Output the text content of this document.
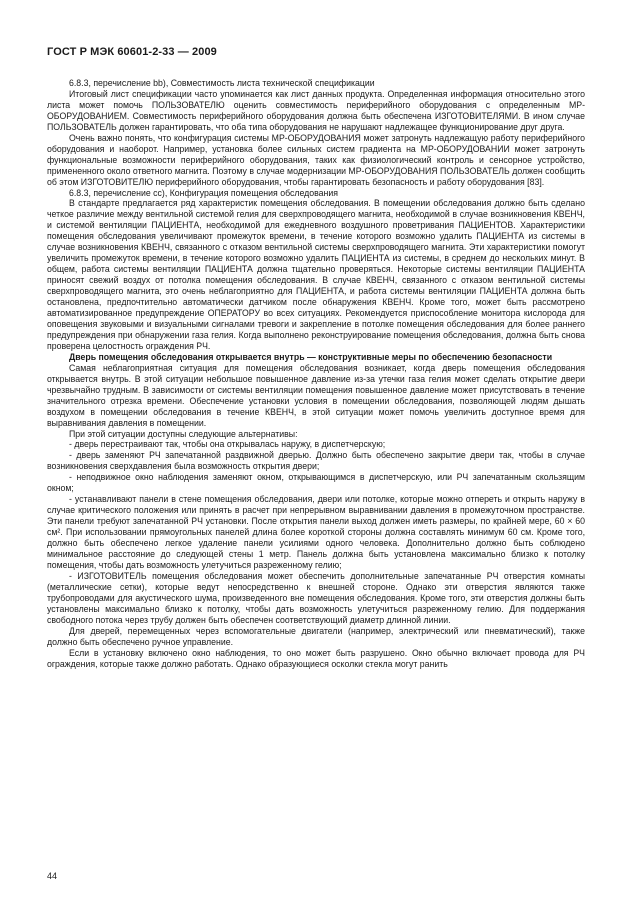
ГОСТ Р МЭК 60601-2-33 — 2009

6.8.3, перечисление bb), Совместимость листа технической спецификации

Итоговый лист спецификации часто упоминается как лист данных продукта. Определенная информация относительно этого листа может помочь ПОЛЬЗОВАТЕЛЮ оценить совместимость периферийного оборудования с определенным МР-ОБОРУДОВАНИЕМ. Совместимость периферийного оборудования должна быть обеспечена ИЗГОТОВИТЕЛЯМИ. В ином случае ПОЛЬЗОВАТЕЛЬ должен гарантировать, что оба типа оборудования не нарушают надлежащее функционирование друг друга.

Очень важно понять, что конфигурация системы МР-ОБОРУДОВАНИЯ может затронуть надлежащую работу периферийного оборудования и наоборот. Например, установка более сильных систем градиента на МР-ОБОРУДОВАНИИ может затронуть функциональные возможности периферийного оборудования, таких как физиологический контроль и сенсорное устройство, примененного около ответного магнита. Поэтому в случае модернизации МР-ОБОРУДОВАНИЯ ПОЛЬЗОВАТЕЛЬ должен сообщить об этом ИЗГОТОВИТЕЛЮ периферийного оборудования, чтобы гарантировать безопасность и работу оборудования [83].

6.8.3, перечисление cc), Конфигурация помещения обследования

В стандарте предлагается ряд характеристик помещения обследования. В помещении обследования должно быть сделано четкое различие между вентильной системой гелия для сверхпроводящего магнита, необходимой в случае возникновения КВЕНЧ, и системой вентиляции ПАЦИЕНТА, необходимой для ежедневного воздушного проветривания ПАЦИЕНТОВ. Характеристики помещения обследования увеличивают промежуток времени, в течение которого возможно удалить ПАЦИЕНТА из системы в случае возникновения КВЕНЧ, связанного с отказом вентильной системы сверхпроводящего магнита. Эти характеристики помогут увеличить промежуток времени, в течение которого возможно удалить ПАЦИЕНТА из системы, в среднем до нескольких минут. В общем, работа системы вентиляции ПАЦИЕНТА должна тщательно проверяться. Некоторые системы вентиляции ПАЦИЕНТА приносят свежий воздух от потолка помещения обследования. В случае КВЕНЧ, связанного с отказом вентильной системы сверхпроводящего магнита, это очень неблагоприятно для ПАЦИЕНТА, и работа системы вентиляции ПАЦИЕНТА должна быть остановлена, предпочтительно автоматически датчиком после обнаружения КВЕНЧ. Кроме того, может быть рассмотрено автоматизированное предупреждение ОПЕРАТОРУ во всех ситуациях. Рекомендуется приспособление монитора кислорода для оповещения звуковыми и визуальными сигналами тревоги и закрепление в потолке помещения обследования для более раннего предупреждения при обнаружении газа гелия. Когда выполнено реконструирование помещения обследования, должна быть снова проверена целостность ограждения РЧ.

Дверь помещения обследования открывается внутрь — конструктивные меры по обеспечению безопасности

Самая неблагоприятная ситуация для помещения обследования возникает, когда дверь помещения обследования открывается внутрь. В этой ситуации небольшое повышенное давление из-за утечки газа гелия может сделать открытие двери чрезвычайно трудным. В зависимости от системы вентиляции помещения повышенное давление может присутствовать в течение значительного отрезка времени. Обеспечение установки условия в помещении обследования, позволяющей людям дышать воздухом в помещении обследования в течение КВЕНЧ, в этой ситуации может помочь увеличить доступное время для выравнивания давления в помещении.

При этой ситуации доступны следующие альтернативы:

- дверь перестраивают так, чтобы она открывалась наружу, в диспетчерскую;

- дверь заменяют РЧ запечатанной раздвижной дверью. Должно быть обеспечено закрытие двери так, чтобы в случае возникновения сверхдавления была возможность открытия двери;

- неподвижное окно наблюдения заменяют окном, открывающимся в диспетчерскую, или РЧ запечатанным скользящим окном;

- устанавливают панели в стене помещения обследования, двери или потолке, которые можно отпереть и открыть наружу в случае критического положения или принять в расчет при непрерывном выравнивании давления в промежуточном пространстве. Эти панели требуют запечатанной РЧ установки. После открытия панели выход должен иметь размеры, по крайней мере, 60 × 60 см². При использовании прямоугольных панелей длина более короткой стороны должна составлять минимум 60 см. Кроме того, должно быть обеспечено легкое удаление панели усилиями одного человека. Дополнительно должно быть соблюдено минимальное расстояние до следующей стены 1 метр. Панель должна быть установлена максимально близко к потолку помещения, чтобы дать возможность улетучиться разреженному гелию;

- ИЗГОТОВИТЕЛЬ помещения обследования может обеспечить дополнительные запечатанные РЧ отверстия комнаты (металлические сетки), которые ведут непосредственно к внешней стороне. Однако эти отверстия являются также трубопроводами для акустического шума, произведенного вне помещения обследования. Кроме того, эти отверстия должны быть установлены максимально близко к потолку, чтобы дать возможность улетучиться разреженному гелию. Для поддержания свободного потока через трубу должен быть обеспечен соответствующий диаметр длинной линии.

Для дверей, перемещенных через вспомогательные двигатели (например, электрический или пневматический), также должно быть обеспечено ручное управление.

Если в установку включено окно наблюдения, то оно может быть разрушено. Окно обычно включает провода для РЧ ограждения, которые также должно работать. Однако образующиеся осколки стекла могут ранить

44
